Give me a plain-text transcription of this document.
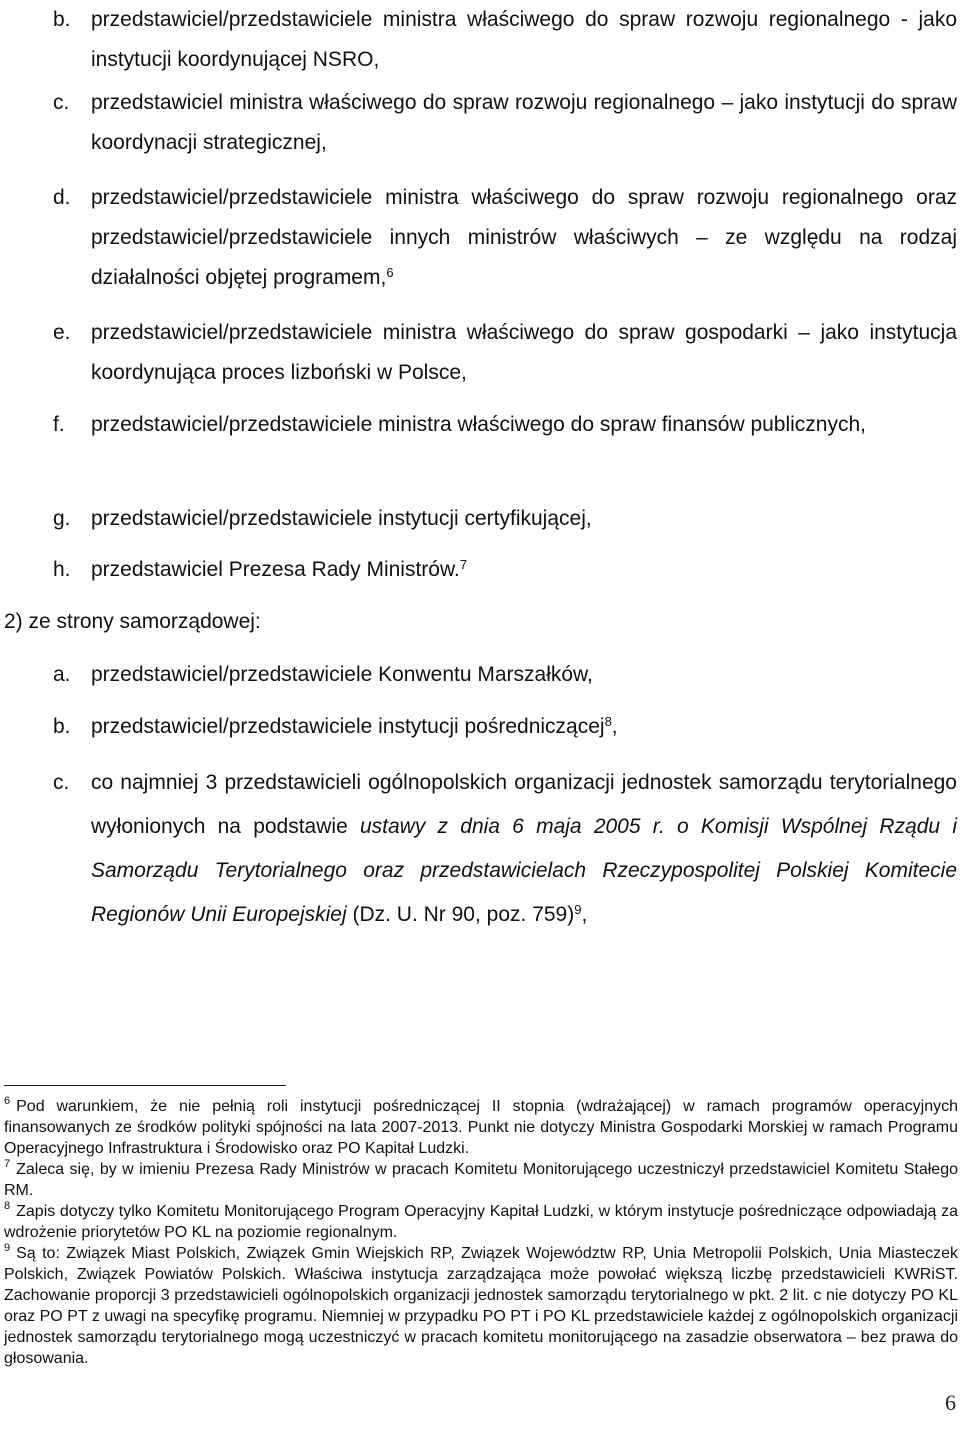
b. przedstawiciel/przedstawiciele ministra właściwego do spraw rozwoju regionalnego - jako instytucji koordynującej NSRO,
c.	przedstawiciel ministra właściwego do spraw rozwoju regionalnego – jako instytucji do spraw koordynacji strategicznej,
d. przedstawiciel/przedstawiciele ministra właściwego do spraw rozwoju regionalnego oraz przedstawiciel/przedstawiciele innych ministrów właściwych – ze względu na rodzaj działalności objętej programem,$^6$
e. przedstawiciel/przedstawiciele ministra właściwego do spraw gospodarki – jako instytucja koordynująca proces lizboński w Polsce,
f.	przedstawiciel/przedstawiciele ministra właściwego do spraw finansów publicznych,
g. przedstawiciel/przedstawiciele instytucji certyfikującej,
h. przedstawiciel Prezesa Rady Ministrów.$^7$
2) ze strony samorządowej:
a. przedstawiciel/przedstawiciele Konwentu Marszałków,
b. przedstawiciel/przedstawiciele instytucji pośredniczącej$^8$,
c.	co najmniej 3 przedstawicieli ogólnopolskich organizacji jednostek samorządu terytorialnego wyłonionych na podstawie ustawy z dnia 6 maja 2005 r. o Komisji Wspólnej Rządu i Samorządu Terytorialnego oraz przedstawicielach Rzeczypospolitej Polskiej Komitecie Regionów Unii Europejskiej (Dz. U. Nr 90, poz. 759)$^9$,

$^6$ Pod warunkiem, że nie pełnią roli instytucji pośredniczącej II stopnia (wdrażającej) w ramach programów operacyjnych finansowanych ze środków polityki spójności na lata 2007-2013. Punkt nie dotyczy Ministra Gospodarki Morskiej w ramach Programu Operacyjnego Infrastruktura i Środowisko oraz PO Kapitał Ludzki.

$^7$ Zaleca się, by w imieniu Prezesa Rady Ministrów w pracach Komitetu Monitorującego uczestniczył przedstawiciel Komitetu Stałego RM.

$^8$ Zapis dotyczy tylko Komitetu Monitorującego Program Operacyjny Kapitał Ludzki, w którym instytucje pośredniczące odpowiadają za wdrożenie priorytetów PO KL na poziomie regionalnym.

$^9$ Są to: Związek Miast Polskich, Związek Gmin Wiejskich RP, Związek Województw RP, Unia Metropolii Polskich, Unia Miasteczek Polskich, Związek Powiatów Polskich. Właściwa instytucja zarządzająca może powołać większą liczbę przedstawicieli KWRiST. Zachowanie proporcji 3 przedstawicieli ogólnopolskich organizacji jednostek samorządu terytorialnego w pkt. 2 lit. c nie dotyczy PO KL oraz PO PT z uwagi na specyfikę programu. Niemniej w przypadku PO PT i PO KL przedstawiciele każdej z ogólnopolskich organizacji jednostek samorządu terytorialnego mogą uczestniczyć w pracach komitetu monitorującego na zasadzie obserwatora – bez prawa do głosowania.

6
